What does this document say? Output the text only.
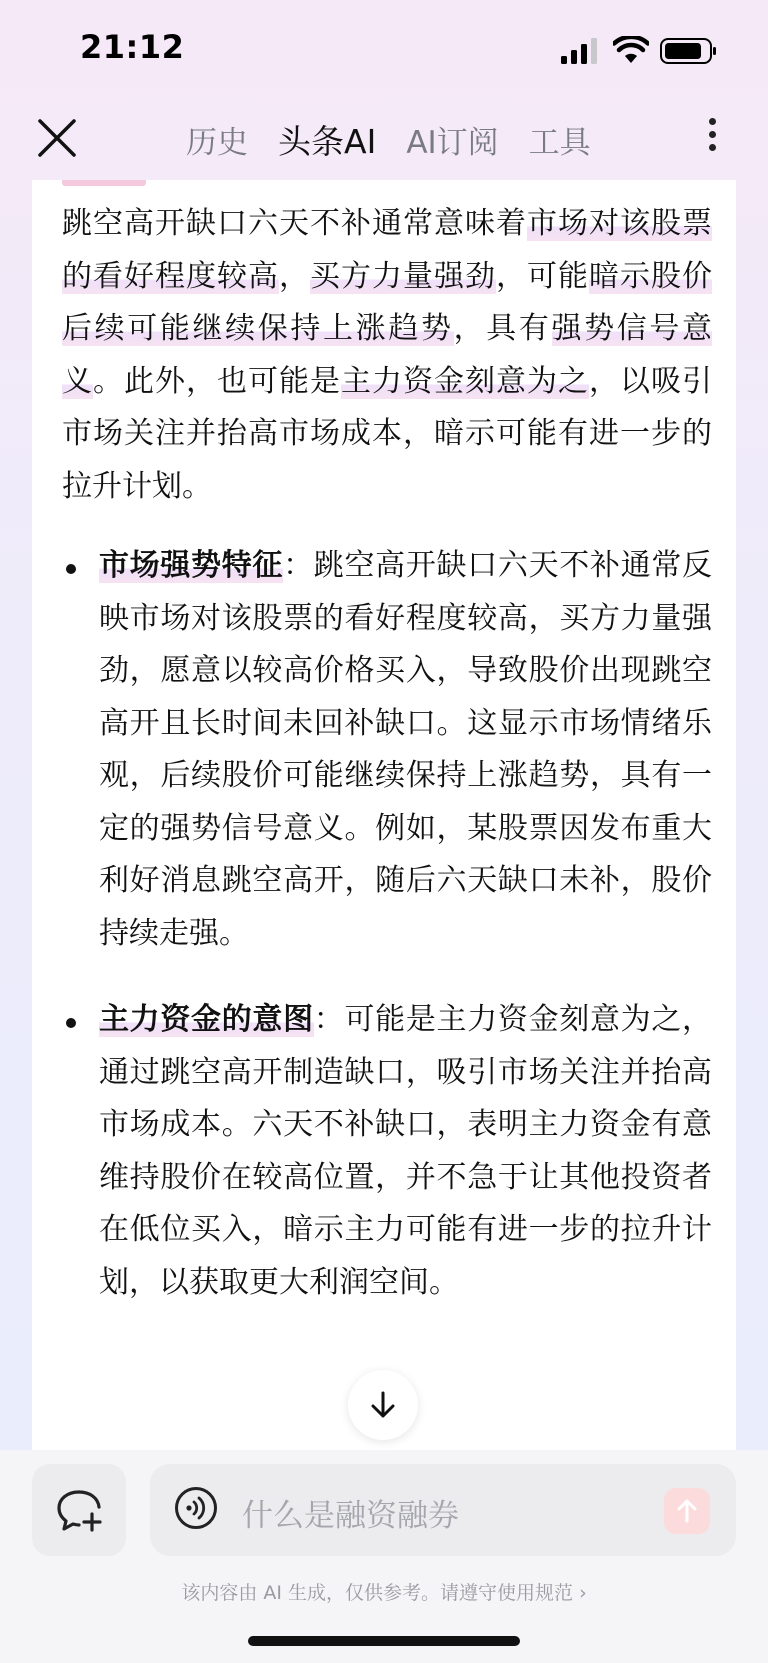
21:12
历史 头条AI AI订阅 工具

跳空高开缺口六天不补通常意味着市场对该股票的看好程度较高，买方力量强劲，可能暗示股价后续可能继续保持上涨趋势，具有强势信号意义。此外，也可能是主力资金刻意为之，以吸引市场关注并抬高市场成本，暗示可能有进一步的拉升计划。

市场强势特征：跳空高开缺口六天不补通常反映市场对该股票的看好程度较高，买方力量强劲，愿意以较高价格买入，导致股价出现跳空高开且长时间未回补缺口。这显示市场情绪乐观，后续股价可能继续保持上涨趋势，具有一定的强势信号意义。例如，某股票因发布重大利好消息跳空高开，随后六天缺口未补，股价持续走强。
主力资金的意图：可能是主力资金刻意为之，通过跳空高开制造缺口，吸引市场关注并抬高市场成本。六天不补缺口，表明主力资金有意维持股价在较高位置，并不急于让其他投资者在低位买入，暗示主力可能有进一步的拉升计划，以获取更大利润空间。
什么是融资融券
该内容由 AI 生成，仅供参考。请遵守使用规范 ›
